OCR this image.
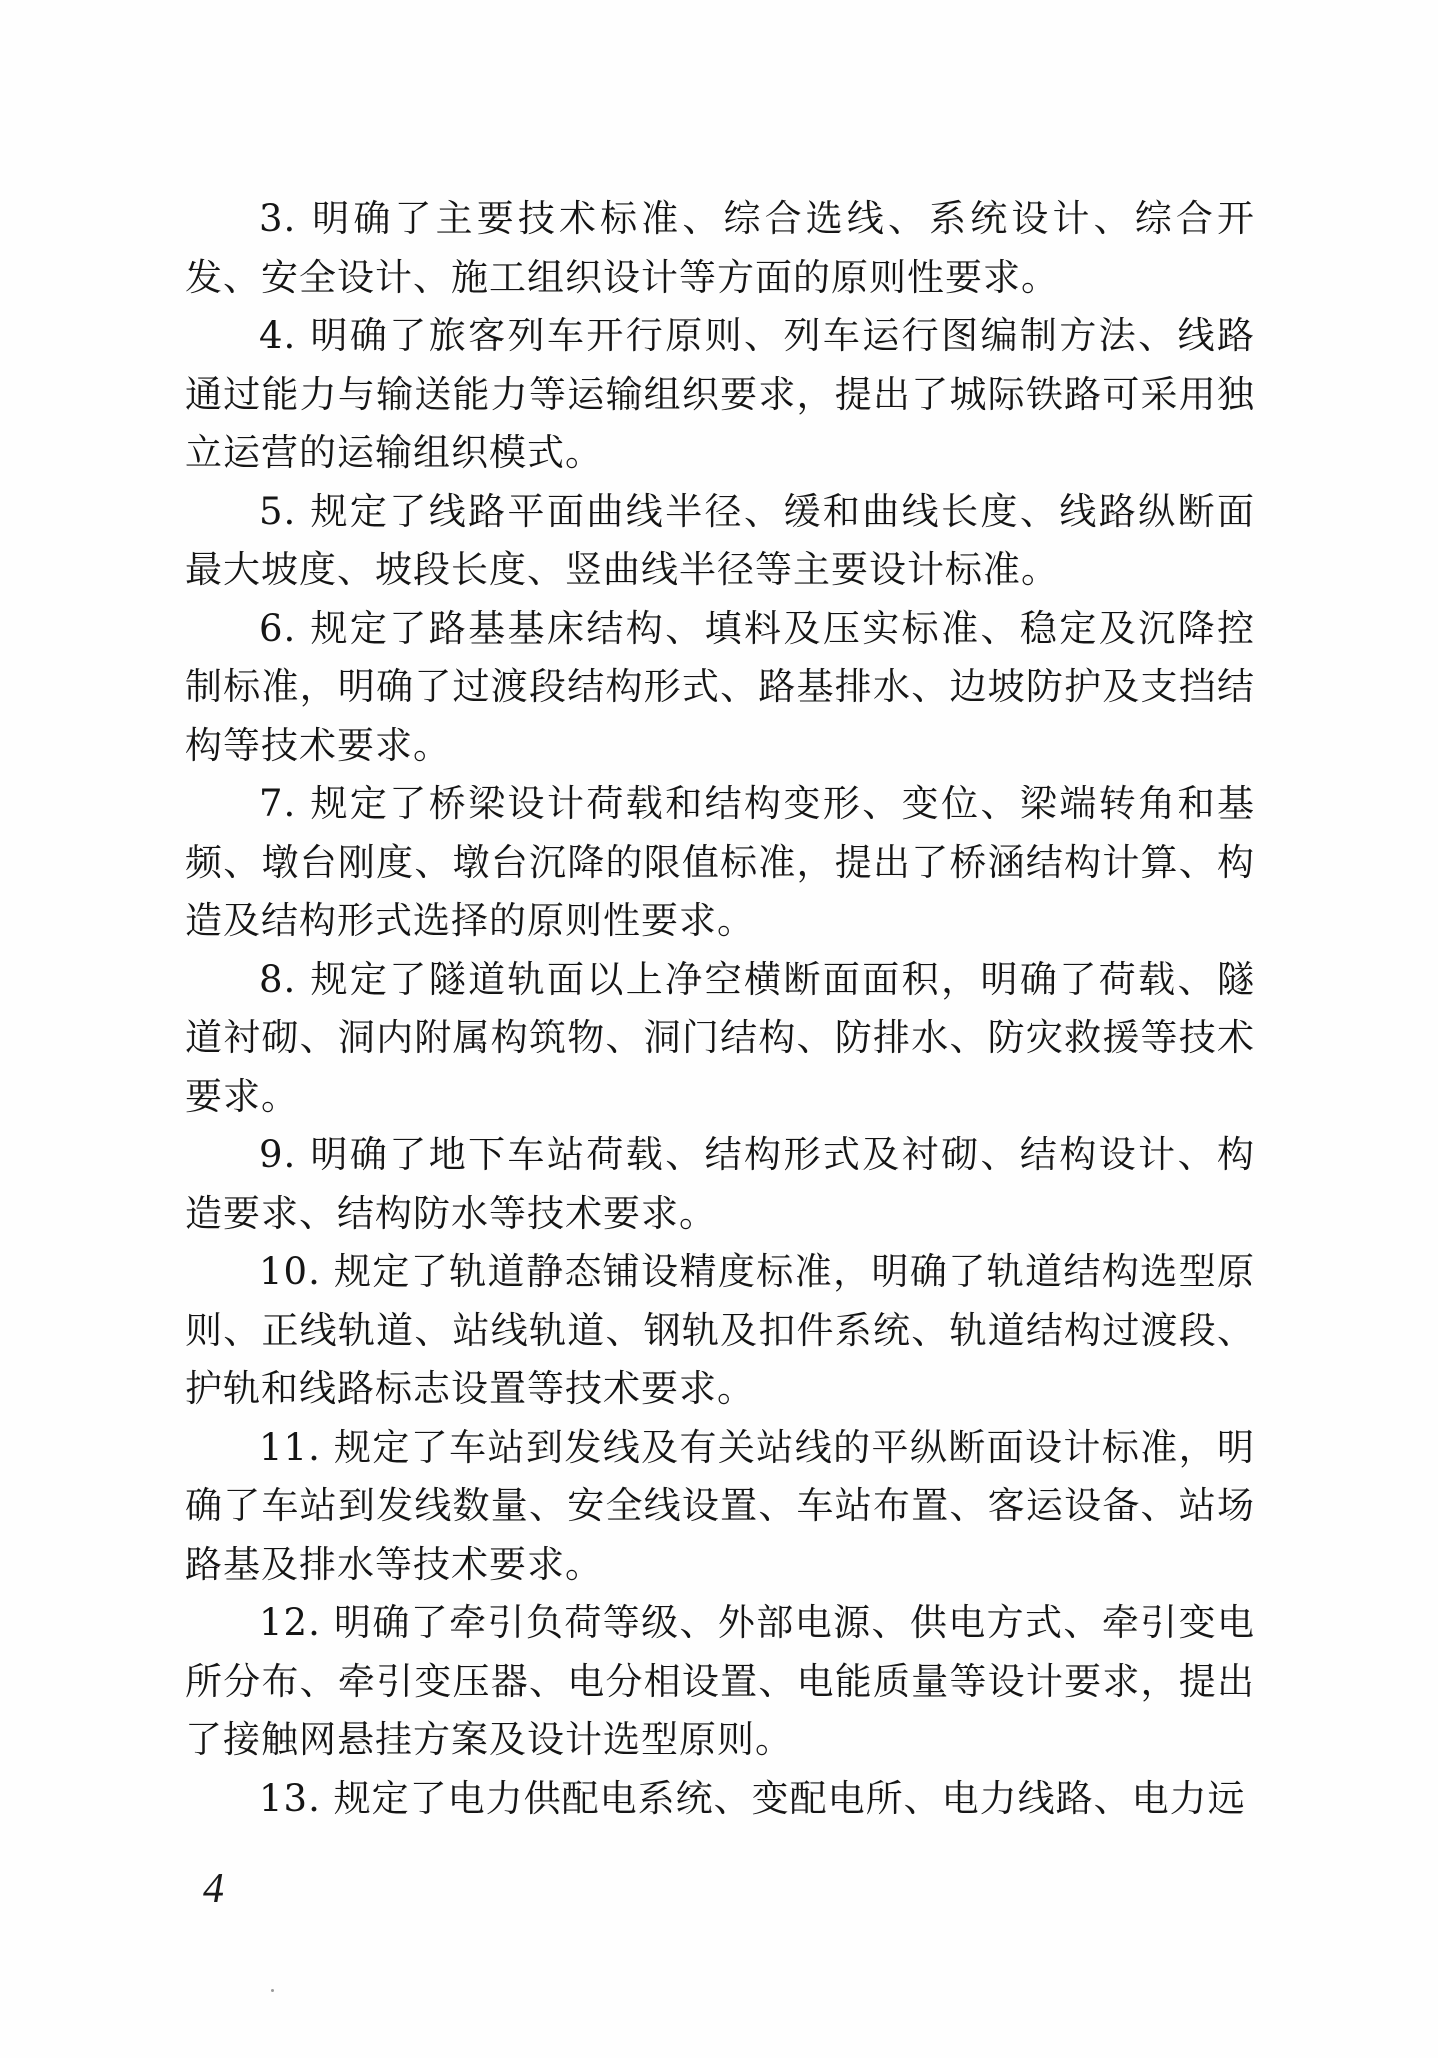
3. 明确了主要技术标准、综合选线、系统设计、综合开发、安全设计、施工组织设计等方面的原则性要求。

4. 明确了旅客列车开行原则、列车运行图编制方法、线路通过能力与输送能力等运输组织要求，提出了城际铁路可采用独立运营的运输组织模式。

5. 规定了线路平面曲线半径、缓和曲线长度、线路纵断面最大坡度、坡段长度、竖曲线半径等主要设计标准。

6. 规定了路基基床结构、填料及压实标准、稳定及沉降控制标准，明确了过渡段结构形式、路基排水、边坡防护及支挡结构等技术要求。

7. 规定了桥梁设计荷载和结构变形、变位、梁端转角和基频、墩台刚度、墩台沉降的限值标准，提出了桥涵结构计算、构造及结构形式选择的原则性要求。

8. 规定了隧道轨面以上净空横断面面积，明确了荷载、隧道衬砌、洞内附属构筑物、洞门结构、防排水、防灾救援等技术要求。

9. 明确了地下车站荷载、结构形式及衬砌、结构设计、构造要求、结构防水等技术要求。

10. 规定了轨道静态铺设精度标准，明确了轨道结构选型原则、正线轨道、站线轨道、钢轨及扣件系统、轨道结构过渡段、护轨和线路标志设置等技术要求。

11. 规定了车站到发线及有关站线的平纵断面设计标准，明确了车站到发线数量、安全线设置、车站布置、客运设备、站场路基及排水等技术要求。

12. 明确了牵引负荷等级、外部电源、供电方式、牵引变电所分布、牵引变压器、电分相设置、电能质量等设计要求，提出了接触网悬挂方案及设计选型原则。

13. 规定了电力供配电系统、变配电所、电力线路、电力远

4
